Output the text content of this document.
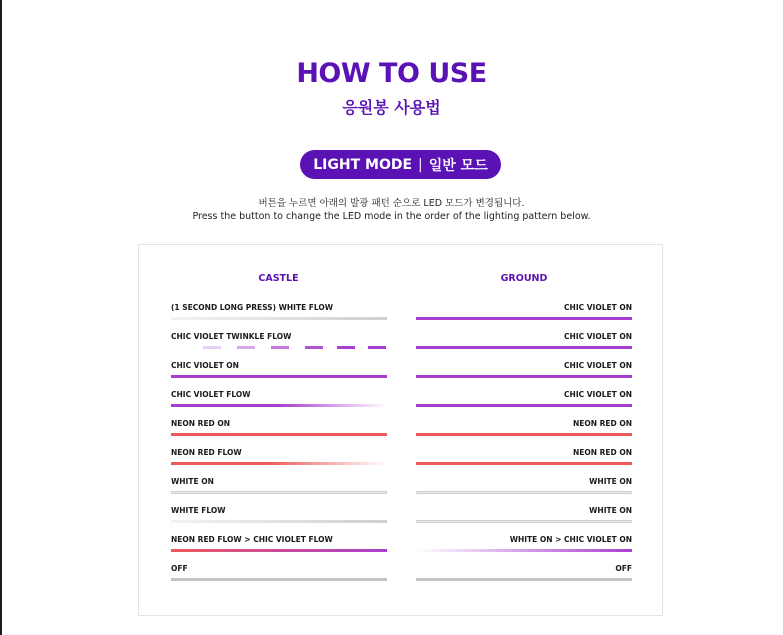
HOW TO USE
응원봉 사용법
LIGHT MODE | 일반 모드
버튼을 누르면 아래의 발광 패턴 순으로 LED 모드가 변경됩니다.
Press the button to change the LED mode in the order of the lighting pattern below.
CASTLE	GROUND
(1 SECOND LONG PRESS) WHITE FLOW
CHIC VIOLET TWINKLE FLOW
CHIC VIOLET ON
CHIC VIOLET FLOW
NEON RED ON
NEON RED FLOW
WHITE ON
WHITE FLOW
NEON RED FLOW > CHIC VIOLET FLOW
OFF
CHIC VIOLET ON
CHIC VIOLET ON
CHIC VIOLET ON
CHIC VIOLET ON
NEON RED ON
NEON RED ON
WHITE ON
WHITE ON
WHITE ON > CHIC VIOLET ON
OFF
